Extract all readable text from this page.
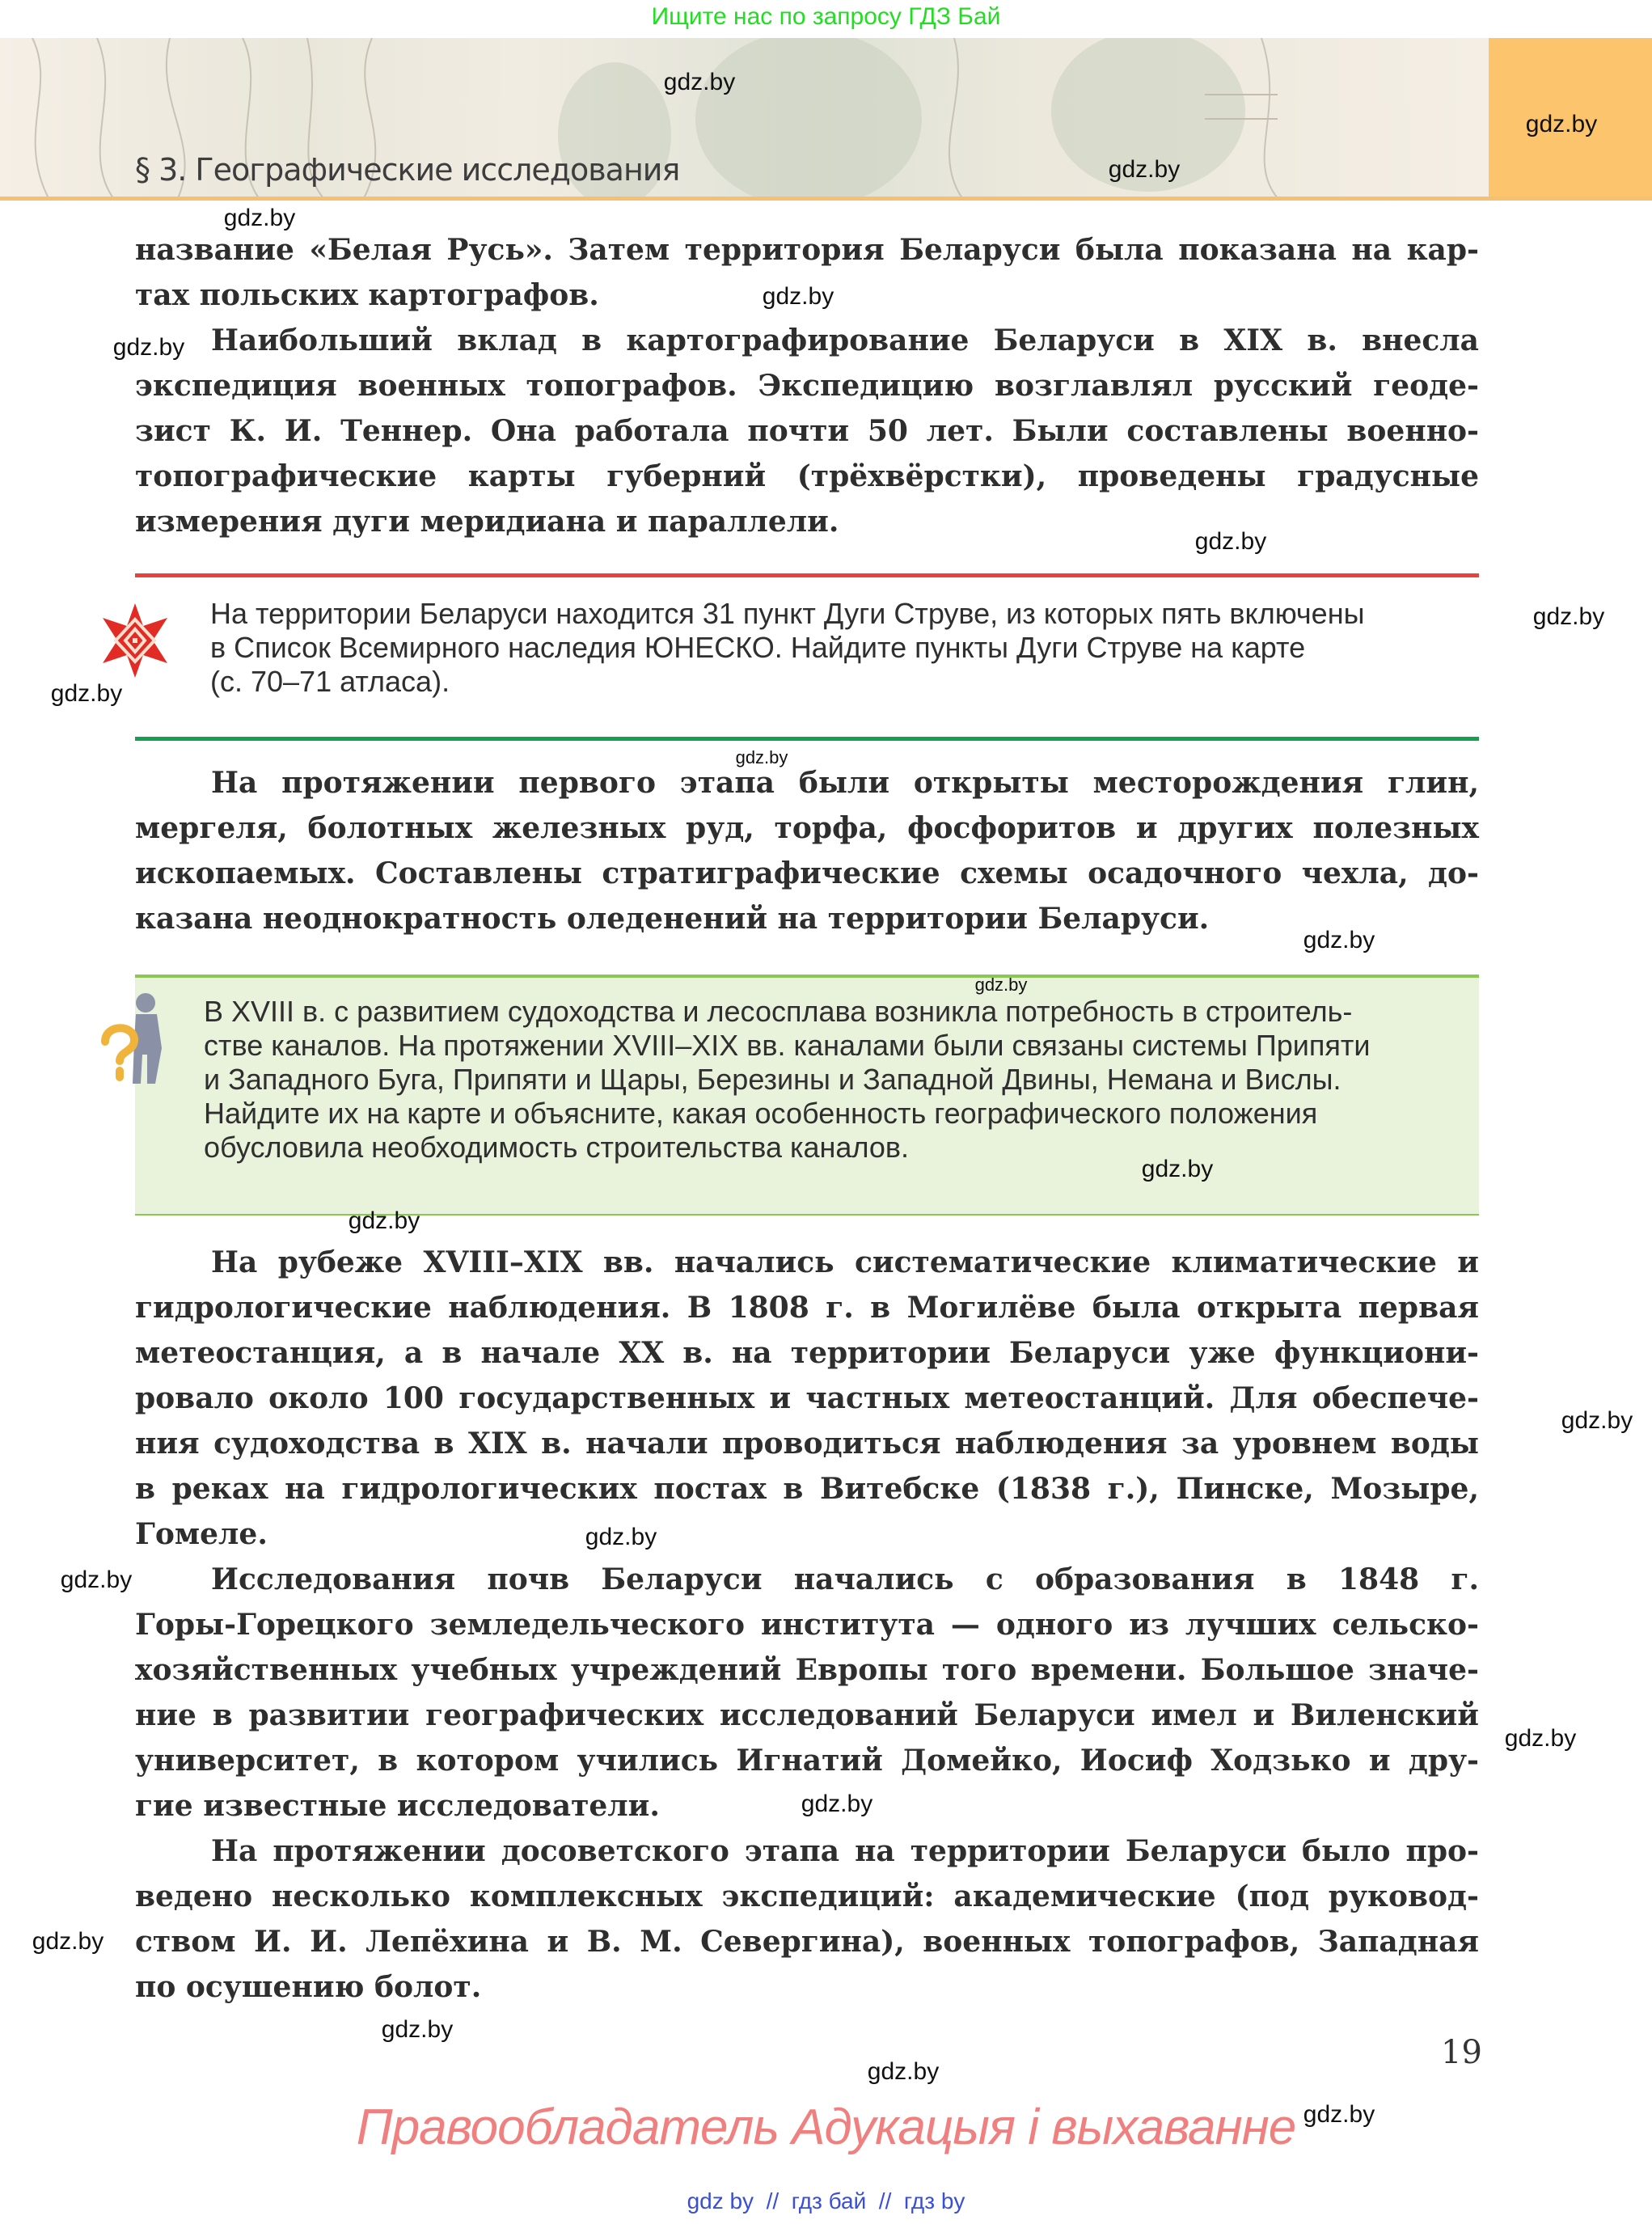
Ищите нас по запросу ГДЗ Бай
§ 3. Географические исследования
название «Белая Русь». Затем территория Беларуси была показана на кар-
тах польских картографов.
Наибольший вклад в картографирование Беларуси в XIX в. внесла
экспедиция военных топографов. Экспедицию возглавлял русский геоде-
зист К. И. Теннер. Она работала почти 50 лет. Были составлены военно-
топографические карты губерний (трёхвёрстки), проведены градусные
измерения дуги меридиана и параллели.
На территории Беларуси находится 31 пункт Дуги Струве, из которых пять включены
в Список Всемирного наследия ЮНЕСКО. Найдите пункты Дуги Струве на карте
(с. 70–71 атласа).
На протяжении первого этапа были открыты месторождения глин,
мергеля, болотных железных руд, торфа, фосфоритов и других полезных
ископаемых. Составлены стратиграфические схемы осадочного чехла, до-
казана неоднократность оледенений на территории Беларуси.
В XVIII в. с развитием судоходства и лесосплава возникла потребность в строитель-
стве каналов. На протяжении XVIII–XIX вв. каналами были связаны системы Припяти
и Западного Буга, Припяти и Щары, Березины и Западной Двины, Немана и Вислы.
Найдите их на карте и объясните, какая особенность географического положения
обусловила необходимость строительства каналов.
На рубеже XVIII–XIX вв. начались систематические климатические и
гидрологические наблюдения. В 1808 г. в Могилёве была открыта первая
метеостанция, а в начале XX в. на территории Беларуси уже функциони-
ровало около 100 государственных и частных метеостанций. Для обеспече-
ния судоходства в XIX в. начали проводиться наблюдения за уровнем воды
в реках на гидрологических постах в Витебске (1838 г.), Пинске, Мозыре,
Гомеле.
Исследования почв Беларуси начались с образования в 1848 г.
Горы-Горецкого земледельческого института — одного из лучших сельско-
хозяйственных учебных учреждений Европы того времени. Большое значе-
ние в развитии географических исследований Беларуси имел и Виленский
университет, в котором учились Игнатий Домейко, Иосиф Ходзько и дру-
гие известные исследователи.
На протяжении досоветского этапа на территории Беларуси было про-
ведено несколько комплексных экспедиций: академические (под руковод-
ством И. И. Лепёхина и В. М. Севергина), военных топографов, Западная
по осушению болот.
19
Правообладатель Адукацыя і выхаванне
gdz by  //  гдз бай  //  гдз by
gdz.by
gdz.by
gdz.by
gdz.by
gdz.by
gdz.by
gdz.by
gdz.by
gdz.by
gdz.by
gdz.by
gdz.by
gdz.by
gdz.by
gdz.by
gdz.by
gdz.by
gdz.by
gdz.by
gdz.by
gdz.by
gdz.by
gdz.by
